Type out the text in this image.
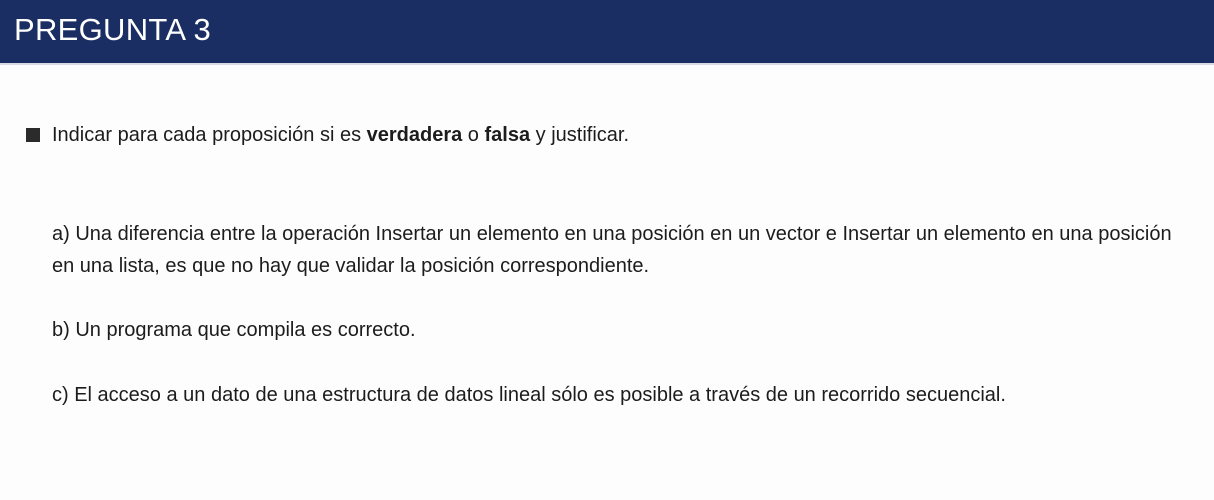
PREGUNTA 3
Indicar para cada proposición si es verdadera o falsa y justificar.
a) Una diferencia entre la operación Insertar un elemento en una posición en un vector e Insertar un elemento en una posición en una lista, es que no hay que validar la posición correspondiente.
b) Un programa que compila es correcto.
c) El acceso a un dato de una estructura de datos lineal sólo es posible a través de un recorrido secuencial.
